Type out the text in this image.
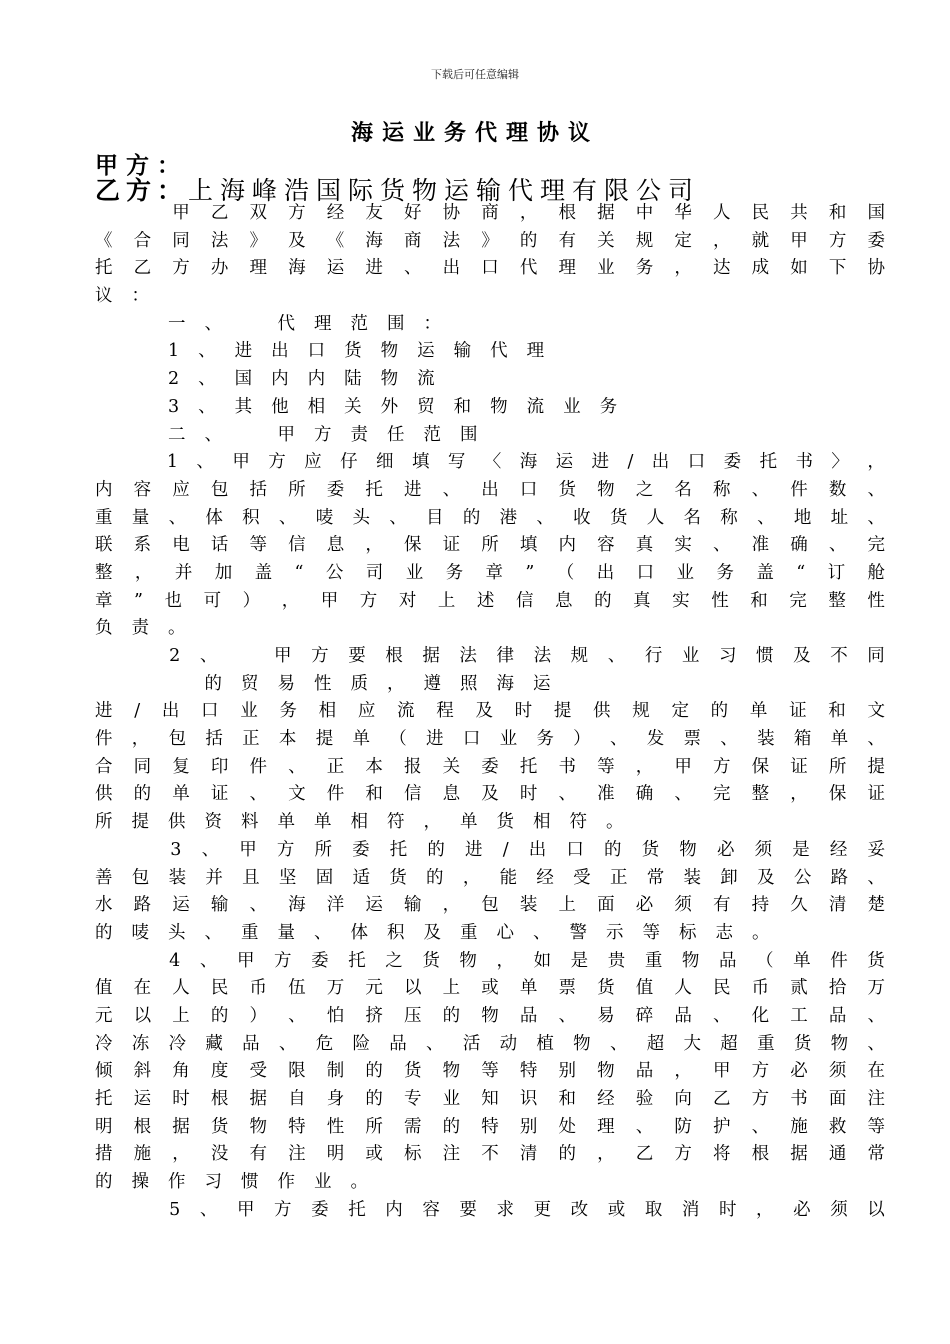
下载后可任意编辑
海运业务代理协议
甲方：
乙方：上海峰浩国际货物运输代理有限公司

甲 乙 双 方 经 友 好 协 商 ， 根 据 中 华 人 民 共 和 国
《 合 同 法 》 及 《 海 商 法 》 的 有 关 规 定 ， 就 甲 方 委
托 乙 方 办 理 海 运 进 、 出 口 代 理 业 务 ， 达 成 如 下 协
议 ：

一 、
　	代 理 范 围 ：

1 、 进 出 口 货 物 运 输 代 理

2 、 国 内 内 陆 物 流

3 、 其 他 相 关 外 贸 和 物 流 业 务

二 、
　	甲 方 责 任 范 围

1 、 甲 方 应 仔 细 填 写 〈 海 运 进 / 出 口 委 托 书 〉 ，
内 容 应 包 括 所 委 托 进 、 出 口 货 物 之 名 称 、 件 数 、
重 量 、 体 积 、 唛 头 、 目 的 港 、 收 货 人 名 称 、 地 址 、
联 系 电 话 等 信 息 ， 保 证 所 填 内 容 真 实 、 准 确 、 完
整 ， 并 加 盖 “ 公 司 业 务 章 ” （ 出 口 业 务 盖 “ 订 舱
章 ” 也 可 ） ， 甲 方 对 上 述 信 息 的 真 实 性 和 完 整 性
负 责 。

2 、
　	甲 方 要 根 据 法 律 法 规 、 行 业 习 惯 及 不 同

的 贸 易 性 质 ， 遵 照 海 运
进 / 出 口 业 务 相 应 流 程 及 时 提 供 规 定 的 单 证 和 文
件 ， 包 括 正 本 提 单 （ 进 口 业 务 ） 、 发 票 、 装 箱 单 、
合 同 复 印 件 、 正 本 报 关 委 托 书 等 ， 甲 方 保 证 所 提
供 的 单 证 、 文 件 和 信 息 及 时 、 准 确 、 完 整 ， 保 证
所 提 供 资 料 单 单 相 符 ， 单 货 相 符 。

3 、 甲 方 所 委 托 的 进 / 出 口 的 货 物 必 须 是 经 妥
善 包 装 并 且 坚 固 适 货 的 ， 能 经 受 正 常 装 卸 及 公 路 、
水 路 运 输 、 海 洋 运 输 ， 包 装 上 面 必 须 有 持 久 清 楚
的 唛 头 、 重 量 、 体 积 及 重 心 、 警 示 等 标 志 。

4 、 甲 方 委 托 之 货 物 ， 如 是 贵 重 物 品 （ 单 件 货
值 在 人 民 币 伍 万 元 以 上 或 单 票 货 值 人 民 币 贰 拾 万
元 以 上 的 ） 、 怕 挤 压 的 物 品 、 易 碎 品 、 化 工 品 、
冷 冻 冷 藏 品 、 危 险 品 、 活 动 植 物 、 超 大 超 重 货 物 、
倾 斜 角 度 受 限 制 的 货 物 等 特 别 物 品 ， 甲 方 必 须 在
托 运 时 根 据 自 身 的 专 业 知 识 和 经 验 向 乙 方 书 面 注
明 根 据 货 物 特 性 所 需 的 特 别 处 理 、 防 护 、 施 救 等
措 施 ， 没 有 注 明 或 标 注 不 清 的 ， 乙 方 将 根 据 通 常
的 操 作 习 惯 作 业 。

5 、 甲 方 委 托 内 容 要 求 更 改 或 取 消 时 ， 必 须 以
